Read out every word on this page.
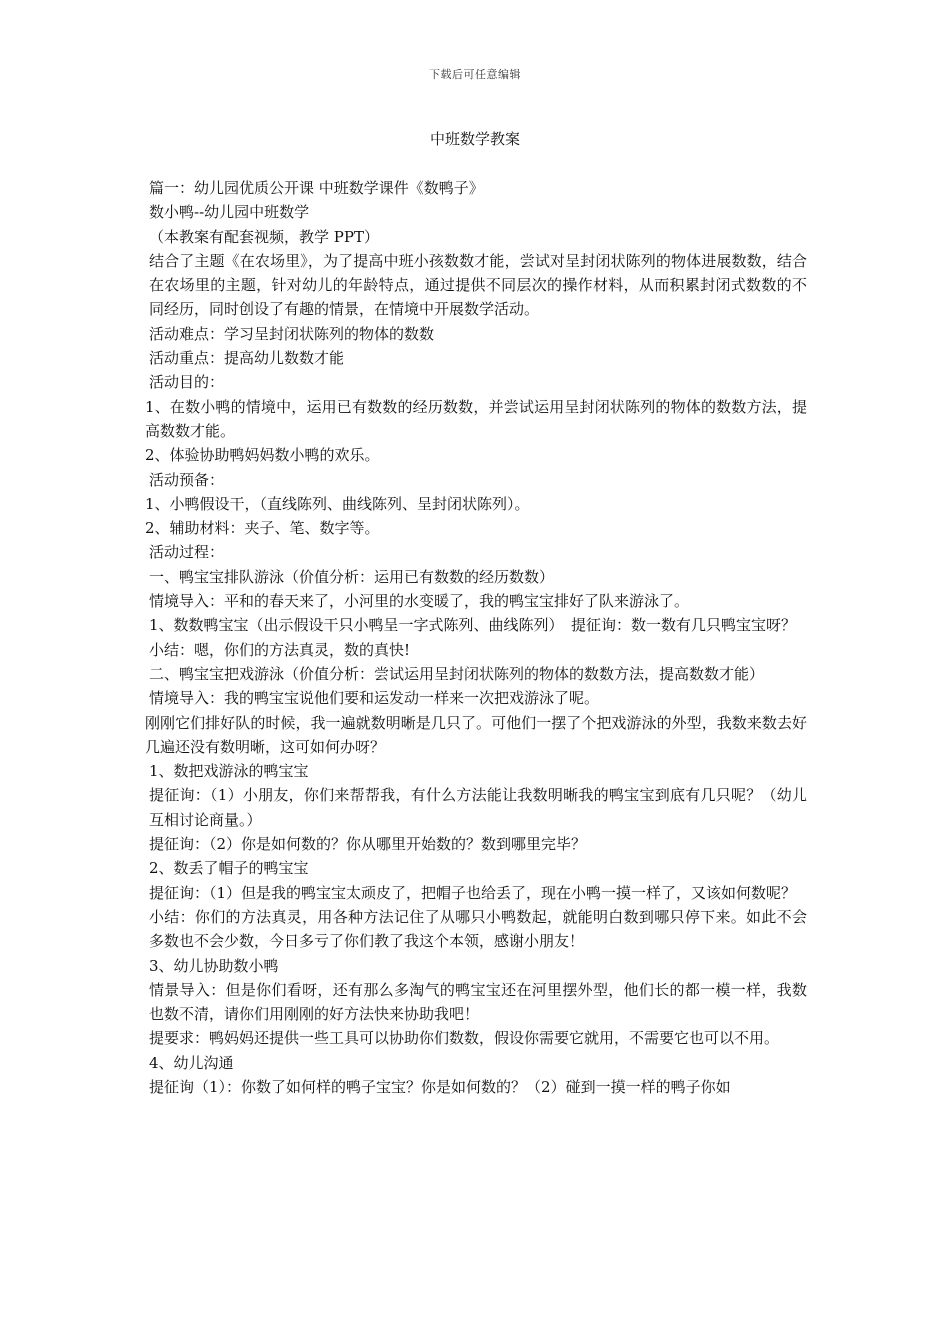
下载后可任意编辑
中班数学教案

篇一：幼儿园优质公开课 中班数学课件《数鸭子》

数小鸭--幼儿园中班数学

（本教案有配套视频，教学 PPT）

结合了主题《在农场里》，为了提高中班小孩数数才能，尝试对呈封闭状陈列的物体进展数数，结合在农场里的主题，针对幼儿的年龄特点，通过提供不同层次的操作材料，从而积累封闭式数数的不同经历，同时创设了有趣的情景，在情境中开展数学活动。

活动难点：学习呈封闭状陈列的物体的数数

活动重点：提高幼儿数数才能

活动目的：

1、在数小鸭的情境中，运用已有数数的经历数数，并尝试运用呈封闭状陈列的物体的数数方法，提高数数才能。

2、体验协助鸭妈妈数小鸭的欢乐。

活动预备：

1、小鸭假设干，（直线陈列、曲线陈列、呈封闭状陈列）。

2、辅助材料：夹子、笔、数字等。

活动过程：

一、鸭宝宝排队游泳（价值分析：运用已有数数的经历数数）

情境导入：平和的春天来了，小河里的水变暖了，我的鸭宝宝排好了队来游泳了。

1、数数鸭宝宝（出示假设干只小鸭呈一字式陈列、曲线陈列）　提征询：数一数有几只鸭宝宝呀？

小结：嗯，你们的方法真灵，数的真快!

二、鸭宝宝把戏游泳（价值分析：尝试运用呈封闭状陈列的物体的数数方法，提高数数才能）

情境导入：我的鸭宝宝说他们要和运发动一样来一次把戏游泳了呢。

刚刚它们排好队的时候，我一遍就数明晰是几只了。可他们一摆了个把戏游泳的外型，我数来数去好几遍还没有数明晰，这可如何办呀？

1、数把戏游泳的鸭宝宝

提征询：（1）小朋友，你们来帮帮我，有什么方法能让我数明晰我的鸭宝宝到底有几只呢？（幼儿互相讨论商量。）

提征询：（2）你是如何数的？你从哪里开始数的？数到哪里完毕？

2、数丢了帽子的鸭宝宝

提征询：（1）但是我的鸭宝宝太顽皮了，把帽子也给丢了，现在小鸭一摸一样了，又该如何数呢？

小结：你们的方法真灵，用各种方法记住了从哪只小鸭数起，就能明白数到哪只停下来。如此不会多数也不会少数，今日多亏了你们教了我这个本领，感谢小朋友！

3、幼儿协助数小鸭

情景导入：但是你们看呀，还有那么多淘气的鸭宝宝还在河里摆外型，他们长的都一模一样，我数也数不清，请你们用刚刚的好方法快来协助我吧！

提要求：鸭妈妈还提供一些工具可以协助你们数数，假设你需要它就用，不需要它也可以不用。

4、幼儿沟通

提征询（1）：你数了如何样的鸭子宝宝？你是如何数的？（2）碰到一摸一样的鸭子你如
